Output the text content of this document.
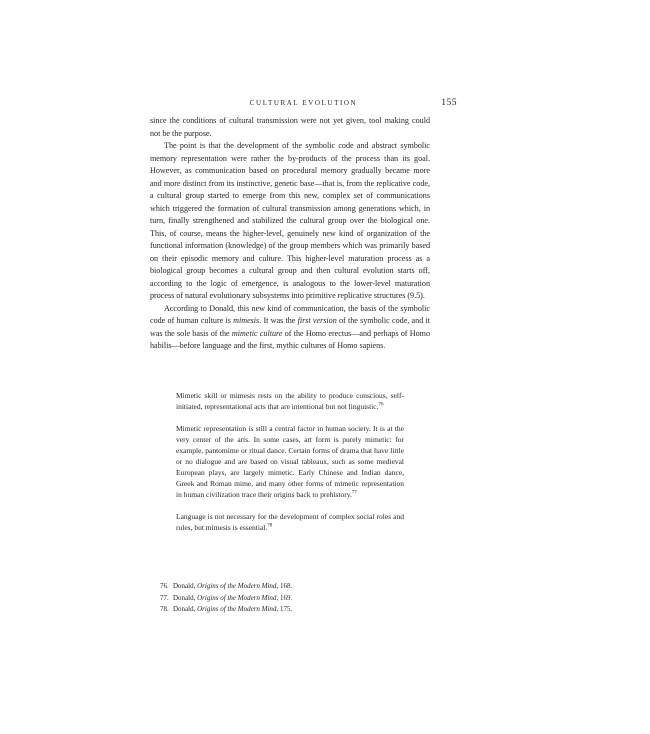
CULTURAL EVOLUTION	155

since the conditions of cultural transmission were not yet given, tool making could not be the purpose.

The point is that the development of the symbolic code and abstract symbolic memory representation were rather the by-products of the process than its goal. However, as communication based on procedural memory gradually became more and more distinct from its instinctive, genetic base—that is, from the replicative code, a cultural group started to emerge from this new, complex set of communications which triggered the formation of cultural transmission among generations which, in turn, finally strengthened and stabilized the cultural group over the biological one. This, of course, means the higher-level, genuinely new kind of organization of the functional information (knowledge) of the group members which was primarily based on their episodic memory and culture. This higher-level maturation process as a biological group becomes a cultural group and then cultural evolution starts off, according to the logic of emergence, is analogous to the lower-level maturation process of natural evolutionary subsystems into primitive replicative structures (9.5).

According to Donald, this new kind of communication, the basis of the symbolic code of human culture is mimesis. It was the first version of the symbolic code, and it was the sole basis of the mimetic culture of the Homo erectus—and perhaps of Homo habilis—before language and the first, mythic cultures of Homo sapiens.

Mimetic skill or mimesis rests on the ability to produce conscious, self-initiated, representational acts that are intentional but not linguistic.$^{76}$

Mimetic representation is still a central factor in human society. It is at the very center of the arts. In some cases, art form is purely mimetic: for example, pantomime or ritual dance. Certain forms of drama that have little or no dialogue and are based on visual tableaux, such as some medieval European plays, are largely mimetic. Early Chinese and Indian dance, Greek and Roman mime, and many other forms of mimetic representation in human civilization trace their origins back to prehistory.$^{77}$

Language is not necessary for the development of complex social roles and rules, but mimesis is essential.$^{78}$

76. Donald, Origins of the Modern Mind, 168.
77. Donald, Origins of the Modern Mind, 169.
78. Donald, Origins of the Modern Mind, 175.
